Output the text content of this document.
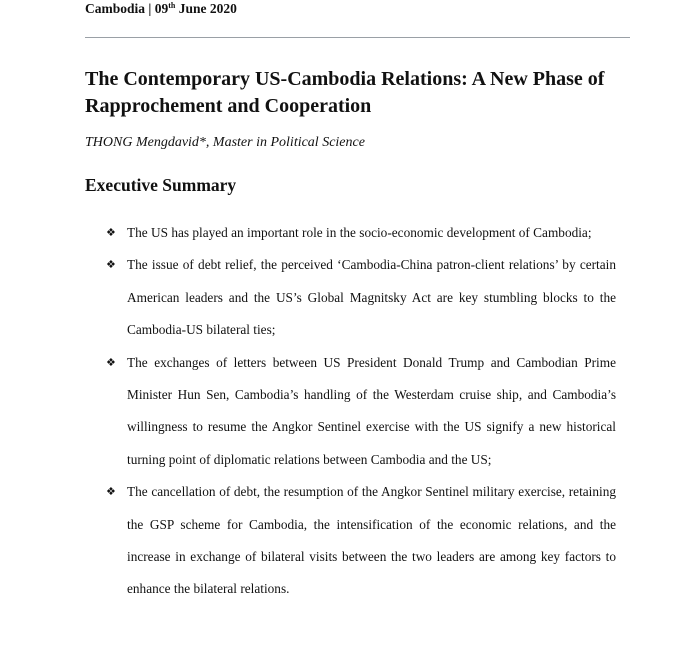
Cambodia | 09th June 2020
The Contemporary US-Cambodia Relations: A New Phase of Rapprochement and Cooperation
THONG Mengdavid*, Master in Political Science
Executive Summary
❖ The US has played an important role in the socio-economic development of Cambodia;
❖ The issue of debt relief, the perceived ‘Cambodia-China patron-client relations’ by certain American leaders and the US’s Global Magnitsky Act are key stumbling blocks to the Cambodia-US bilateral ties;
❖ The exchanges of letters between US President Donald Trump and Cambodian Prime Minister Hun Sen, Cambodia’s handling of the Westerdam cruise ship, and Cambodia’s willingness to resume the Angkor Sentinel exercise with the US signify a new historical turning point of diplomatic relations between Cambodia and the US;
❖ The cancellation of debt, the resumption of the Angkor Sentinel military exercise, retaining the GSP scheme for Cambodia, the intensification of the economic relations, and the increase in exchange of bilateral visits between the two leaders are among key factors to enhance the bilateral relations.
